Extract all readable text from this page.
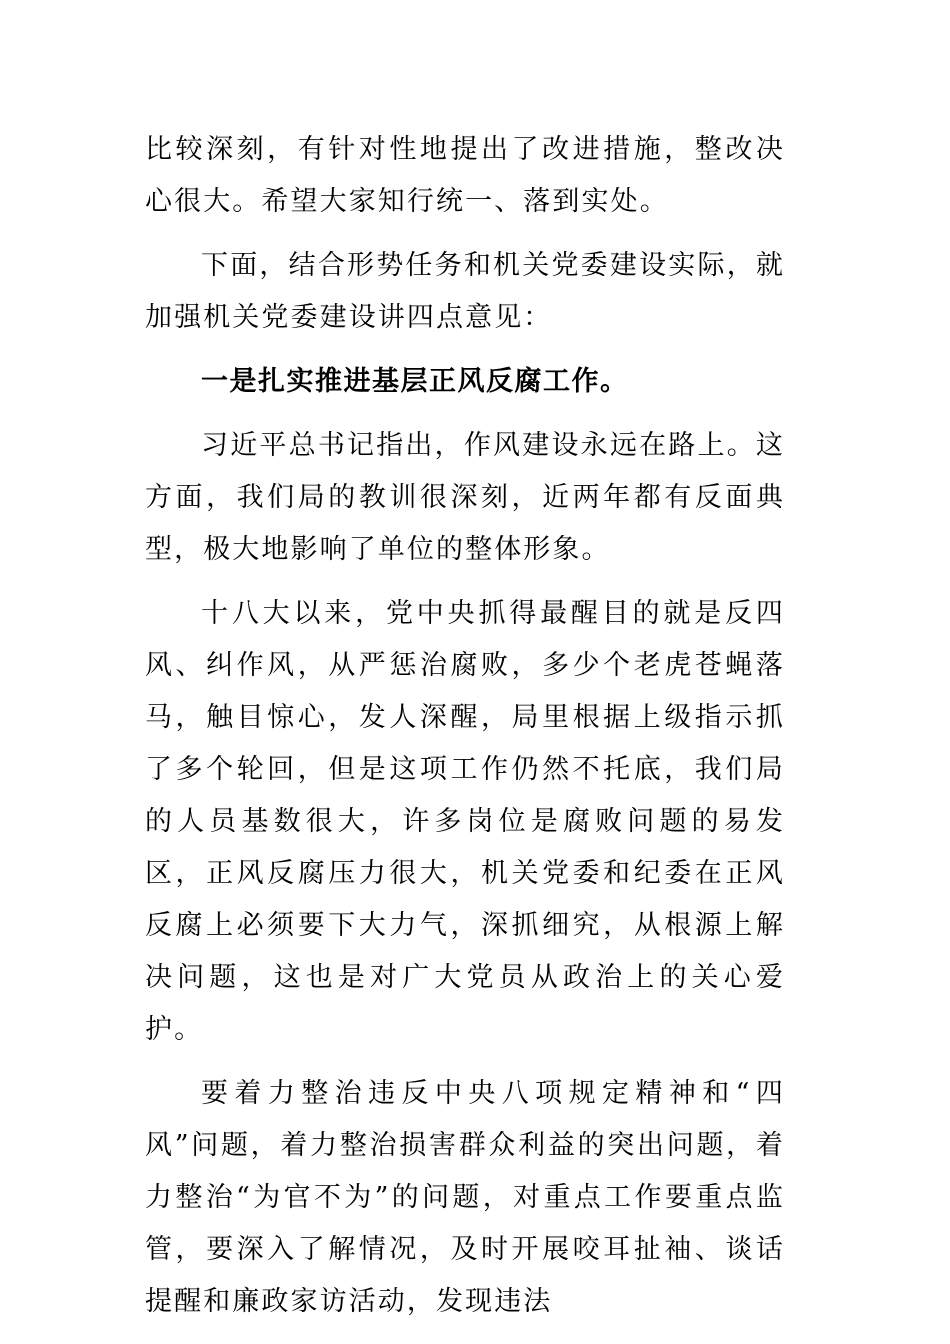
比较深刻，有针对性地提出了改进措施，整改决心很大。希望大家知行统一、落到实处。

下面，结合形势任务和机关党委建设实际，就加强机关党委建设讲四点意见：

一是扎实推进基层正风反腐工作。

习近平总书记指出，作风建设永远在路上。这方面，我们局的教训很深刻，近两年都有反面典型，极大地影响了单位的整体形象。

十八大以来，党中央抓得最醒目的就是反四风、纠作风，从严惩治腐败，多少个老虎苍蝇落马，触目惊心，发人深醒，局里根据上级指示抓了多个轮回，但是这项工作仍然不托底，我们局的人员基数很大，许多岗位是腐败问题的易发区，正风反腐压力很大，机关党委和纪委在正风反腐上必须要下大力气，深抓细究，从根源上解决问题，这也是对广大党员从政治上的关心爱护。

要着力整治违反中央八项规定精神和“四风”问题，着力整治损害群众利益的突出问题，着力整治“为官不为”的问题，对重点工作要重点监管，要深入了解情况，及时开展咬耳扯袖、谈话提醒和廉政家访活动，发现违法
